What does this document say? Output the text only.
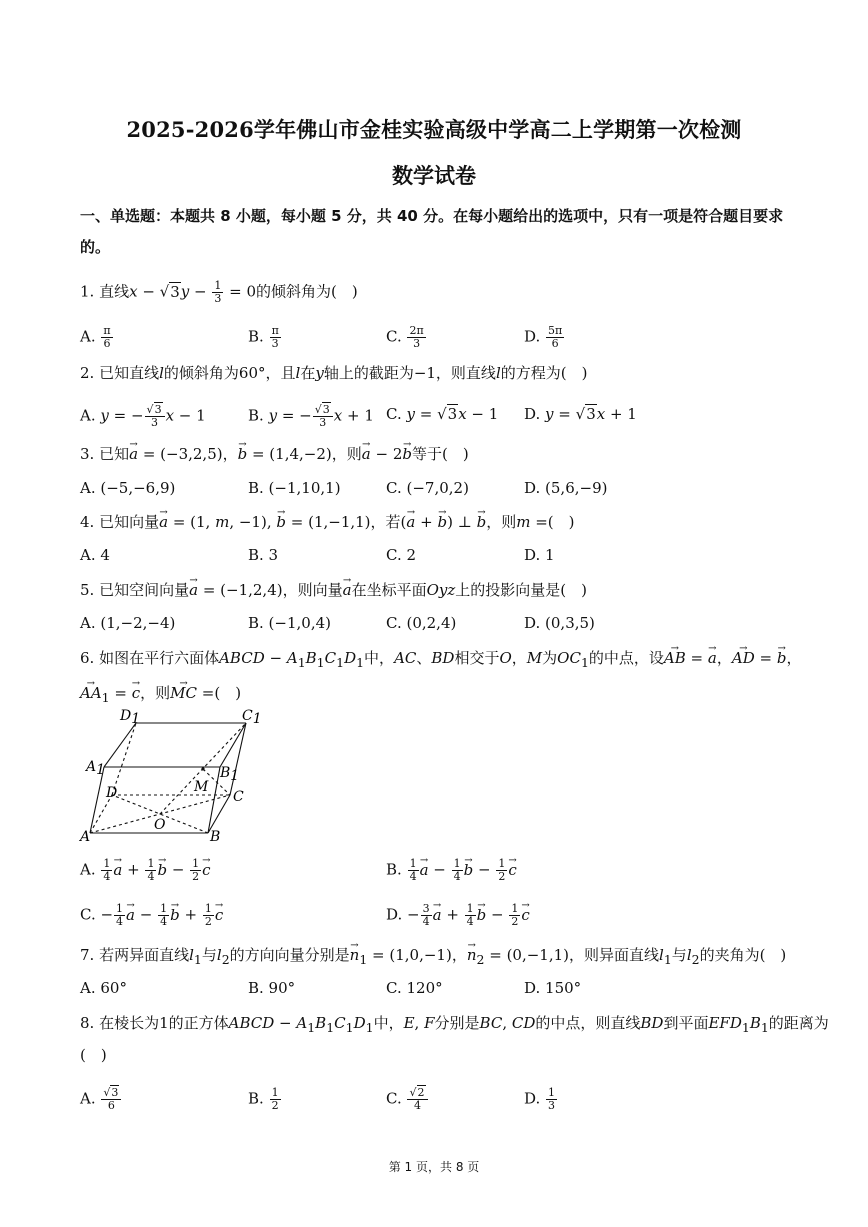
2025-2026学年佛山市金桂实验高级中学高二上学期第一次检测
数学试卷
一、单选题：本题共 8 小题，每小题 5 分，共 40 分。在每小题给出的选项中，只有一项是符合题目要求
的。
1. 直线$x - √3y - \frac{1}{3} = 0$的倾斜角为(　)
A. $\frac{\pi}{6}$	B. $\frac{\pi}{3}$	C. $\frac{2\pi}{3}$	D. $\frac{5\pi}{6}$
2. 已知直线l的倾斜角为60°，且l在y轴上的截距为−1，则直线l的方程为(　)
A. y = − $\frac{√3}{3}$ x − 1	B. y = − $\frac{√3}{3}$ x + 1 C. y = √3x − 1 D. y = √3x + 1
3. 已知→ a = (−3,2,5)，→ b = (1,4,−2)，则→ a − 2→ b等于(　)
A. (−5,−6,9)	B. (−1,10,1)	C. (−7,0,2)	D. (5,6,−9)
4. 已知向量→ a = (1, m, −1), → b = (1,−1,1)，若(→ a + → b) ⊥ → b，则m =(　)
A. 4	B. 3	C. 2	D. 1
5. 已知空间向量→ a = (−1,2,4)，则向量→ a在坐标平面Oyz上的投影向量是(　)
A. (1,−2,−4)	B. (−1,0,4)	C. (0,2,4)	D. (0,3,5)
6. 如图在平行六面体ABCD − $A_1B_1C_1D_1$中，AC、BD相交于O，M为$OC_1$的中点，设→ AB = → a，→ AD = → b，
→ $AA_1$ = → c，则→ MC =(　)
D1	C1
A1	B1
D	M
C
A
O
B
A. $\frac{1}{4}$
→ $a + \frac{1}{4}$
→ $b - \frac{1}{2}$
→ c	B. $\frac{1}{4}$
→ $a - \frac{1}{4}$
→ $b - \frac{1}{2}$
→ c
C. − $\frac{1}{4}$
→ $a - \frac{1}{4}$
→ $b + \frac{1}{2}$
→ c	D. − $\frac{3}{4}$
→ $a + \frac{1}{4}$
→ $b - \frac{1}{2}$
→ c
7. 若两异面直线$l_1$与$l_2$的方向向量分别是→ $n_1 = (1,0,-1)$，→ $n_2 = (0,-1,1)$，则异面直线$l_1$与$l_2$的夹角为(　)
A. 60°	B. 90°	C. 120°	D. 150°
8. 在棱长为1的正方体ABCD − $A_1B_1C_1D_1$中，E, F分别是BC, CD的中点，则直线BD到平面$EFD_1B_1$的距离为
(　)
A. $\frac{√3}{6}$	B. $\frac{1}{2}$	C. $\frac{√2}{4}$	D. $\frac{1}{3}$
第 1 页，共 8 页
